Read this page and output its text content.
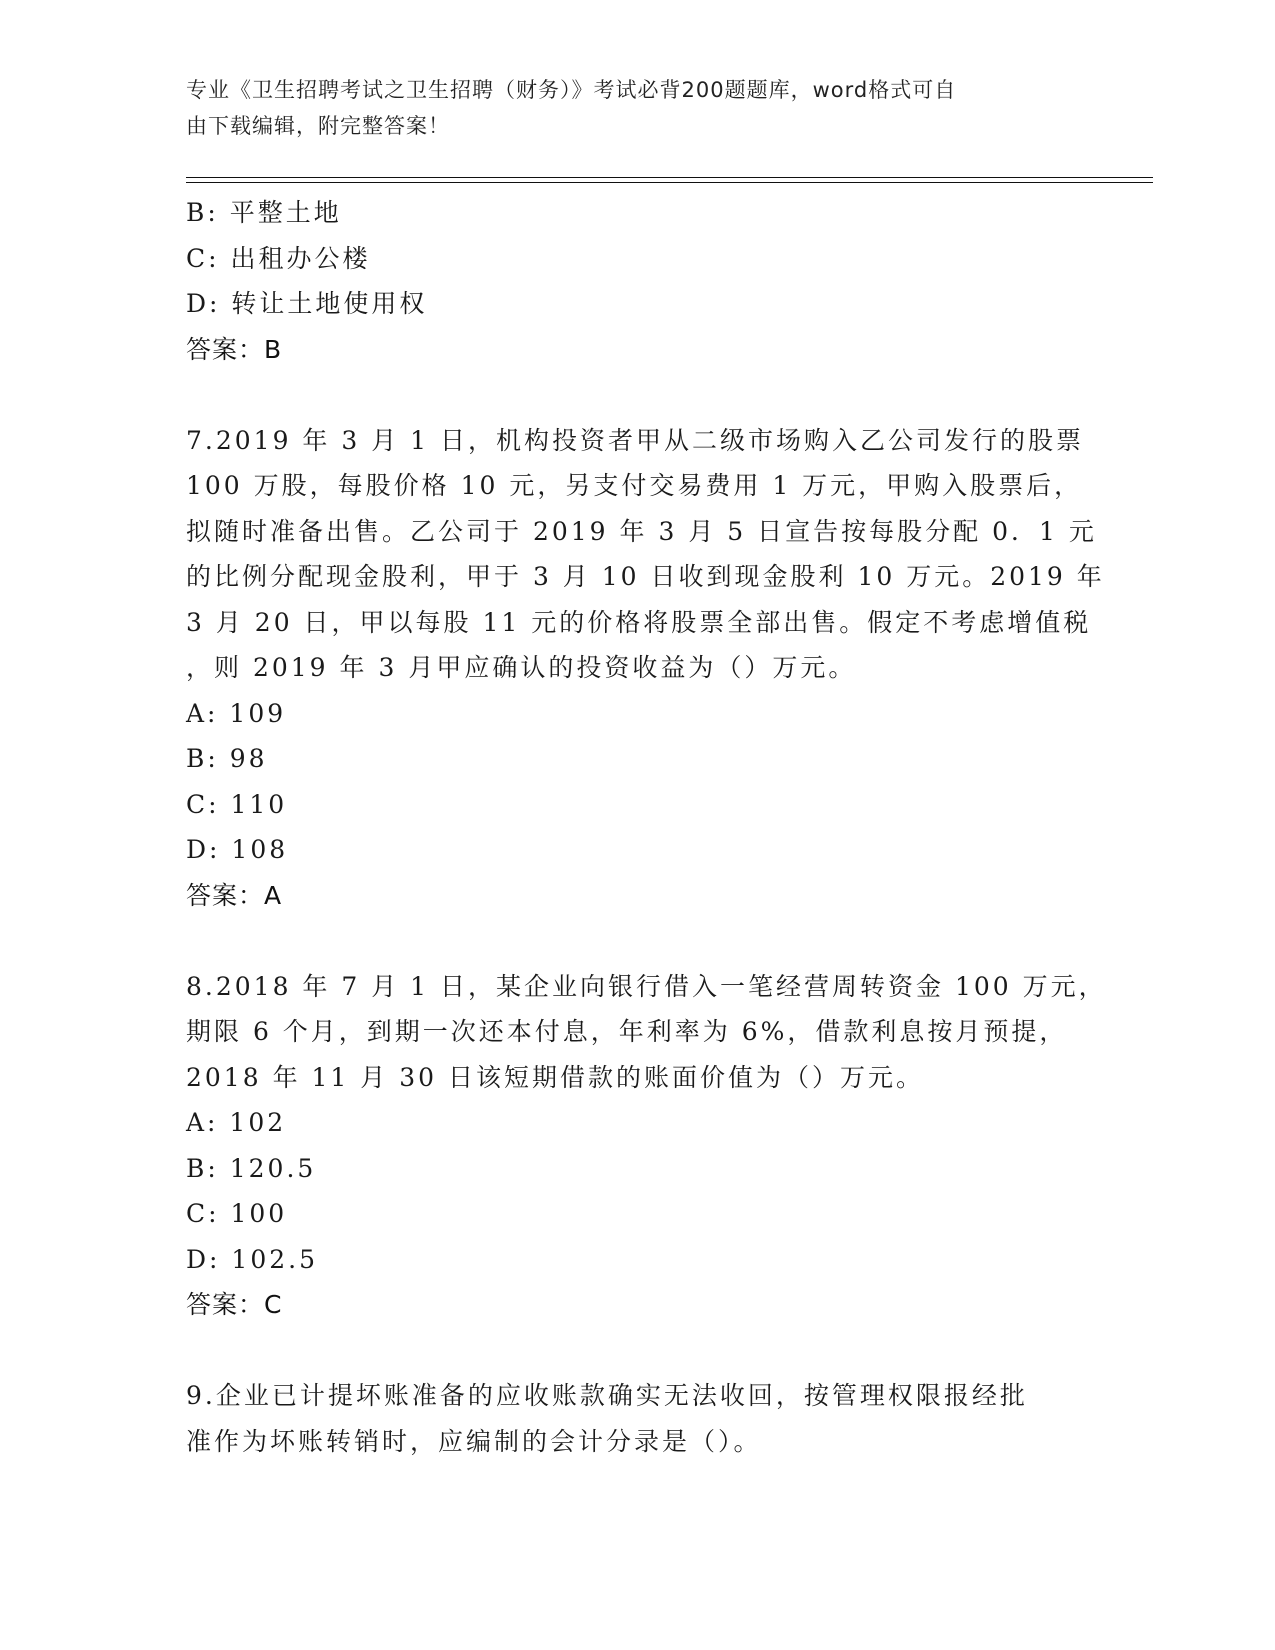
专业《卫生招聘考试之卫生招聘（财务）》考试必背200题题库，word格式可自
由下载编辑，附完整答案！
B: 平整土地
C: 出租办公楼
D: 转让土地使用权
答案：B
7.2019 年 3 月 1 日，机构投资者甲从二级市场购入乙公司发行的股票
100 万股，每股价格 10 元，另支付交易费用 1 万元，甲购入股票后，
拟随时准备出售。乙公司于 2019 年 3 月 5 日宣告按每股分配 0．1 元
的比例分配现金股利，甲于 3 月 10 日收到现金股利 10 万元。2019 年
3 月 20 日，甲以每股 11 元的价格将股票全部出售。假定不考虑增值税
，则 2019 年 3 月甲应确认的投资收益为（）万元。
A: 109
B: 98
C: 110
D: 108
答案：A
8.2018 年 7 月 1 日，某企业向银行借入一笔经营周转资金 100 万元，
期限 6 个月，到期一次还本付息，年利率为 6%，借款利息按月预提，
2018 年 11 月 30 日该短期借款的账面价值为（）万元。
A: 102
B: 120.5
C: 100
D: 102.5
答案：C
9.企业已计提坏账准备的应收账款确实无法收回，按管理权限报经批
准作为坏账转销时，应编制的会计分录是（）。
